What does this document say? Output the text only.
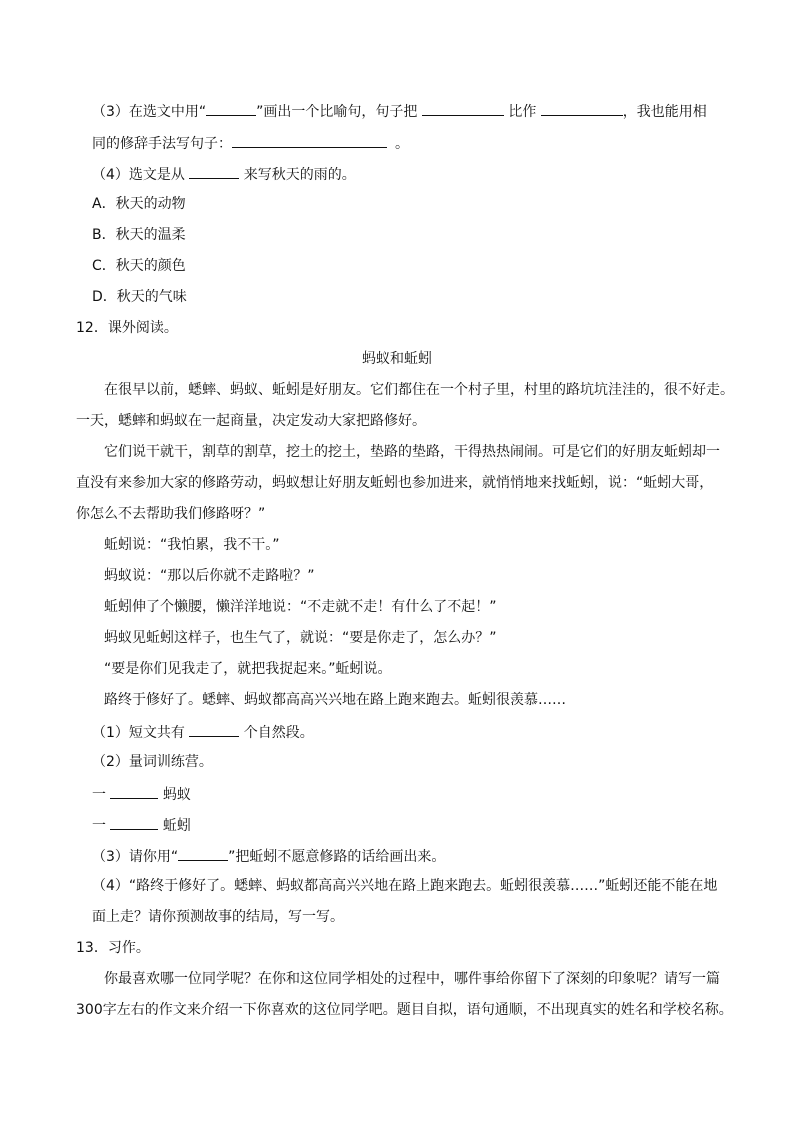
（3）在选文中用“	”画出一个比喻句，句子把	比作	，我也能用相
同的修辞手法写句子：	。
（4）选文是从	来写秋天的雨的。
A．秋天的动物
B．秋天的温柔
C．秋天的颜色
D．秋天的气味
12．课外阅读。
蚂蚁和蚯蚓
在很早以前，蟋蟀、蚂蚁、蚯蚓是好朋友。它们都住在一个村子里，村里的路坑坑洼洼的，很不好走。
一天，蟋蟀和蚂蚁在一起商量，决定发动大家把路修好。
它们说干就干，割草的割草，挖土的挖土，垫路的垫路，干得热热闹闹。可是它们的好朋友蚯蚓却一
直没有来参加大家的修路劳动，蚂蚁想让好朋友蚯蚓也参加进来，就悄悄地来找蚯蚓，说：“蚯蚓大哥，
你怎么不去帮助我们修路呀？”
蚯蚓说：“我怕累，我不干。”
蚂蚁说：“那以后你就不走路啦？”
蚯蚓伸了个懒腰，懒洋洋地说：“不走就不走！有什么了不起！”
蚂蚁见蚯蚓这样子，也生气了，就说：“要是你走了，怎么办？”
“要是你们见我走了，就把我捉起来。”蚯蚓说。
路终于修好了。蟋蟀、蚂蚁都高高兴兴地在路上跑来跑去。蚯蚓很羡慕……
（1）短文共有	个自然段。
（2）量词训练营。
一	蚂蚁
一	蚯蚓
（3）请你用“	”把蚯蚓不愿意修路的话给画出来。
（4）“路终于修好了。蟋蟀、蚂蚁都高高兴兴地在路上跑来跑去。蚯蚓很羡慕……”蚯蚓还能不能在地
面上走？请你预测故事的结局，写一写。
13．习作。
你最喜欢哪一位同学呢？在你和这位同学相处的过程中，哪件事给你留下了深刻的印象呢？请写一篇
300字左右的作文来介绍一下你喜欢的这位同学吧。题目自拟，语句通顺，不出现真实的姓名和学校名称。
